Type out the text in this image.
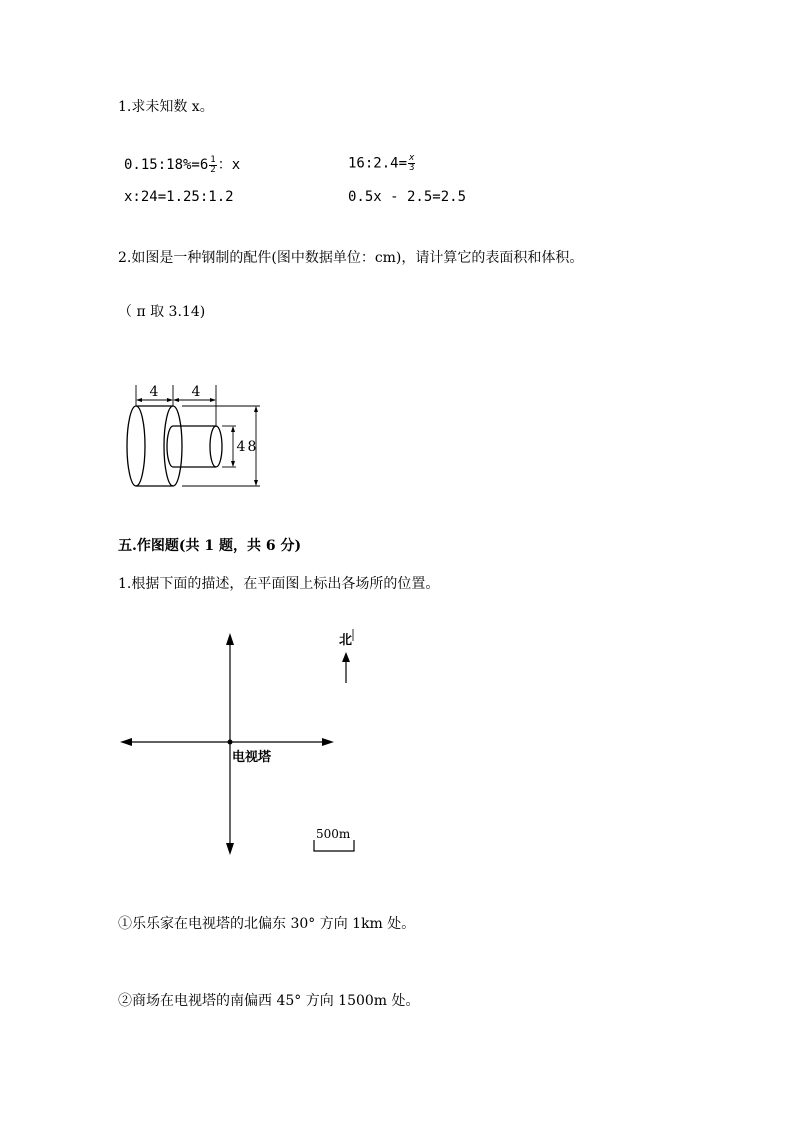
1.求未知数 x。
0.15:18%=6 $\frac{1}{2}$ ：x	16:2.4= $\frac{x}{3}$
x:24=1.25:1.2	0.5x - 2.5=2.5
2.如图是一种钢制的配件(图中数据单位：cm)，请计算它的表面积和体积。
（ π 取 3.14)
4 4
4 8
五.作图题(共 1 题，共 6 分)
1.根据下面的描述，在平面图上标出各场所的位置。
电视塔
北
500m
①乐乐家在电视塔的北偏东 30° 方向 1km 处。
②商场在电视塔的南偏西 45° 方向 1500m 处。
